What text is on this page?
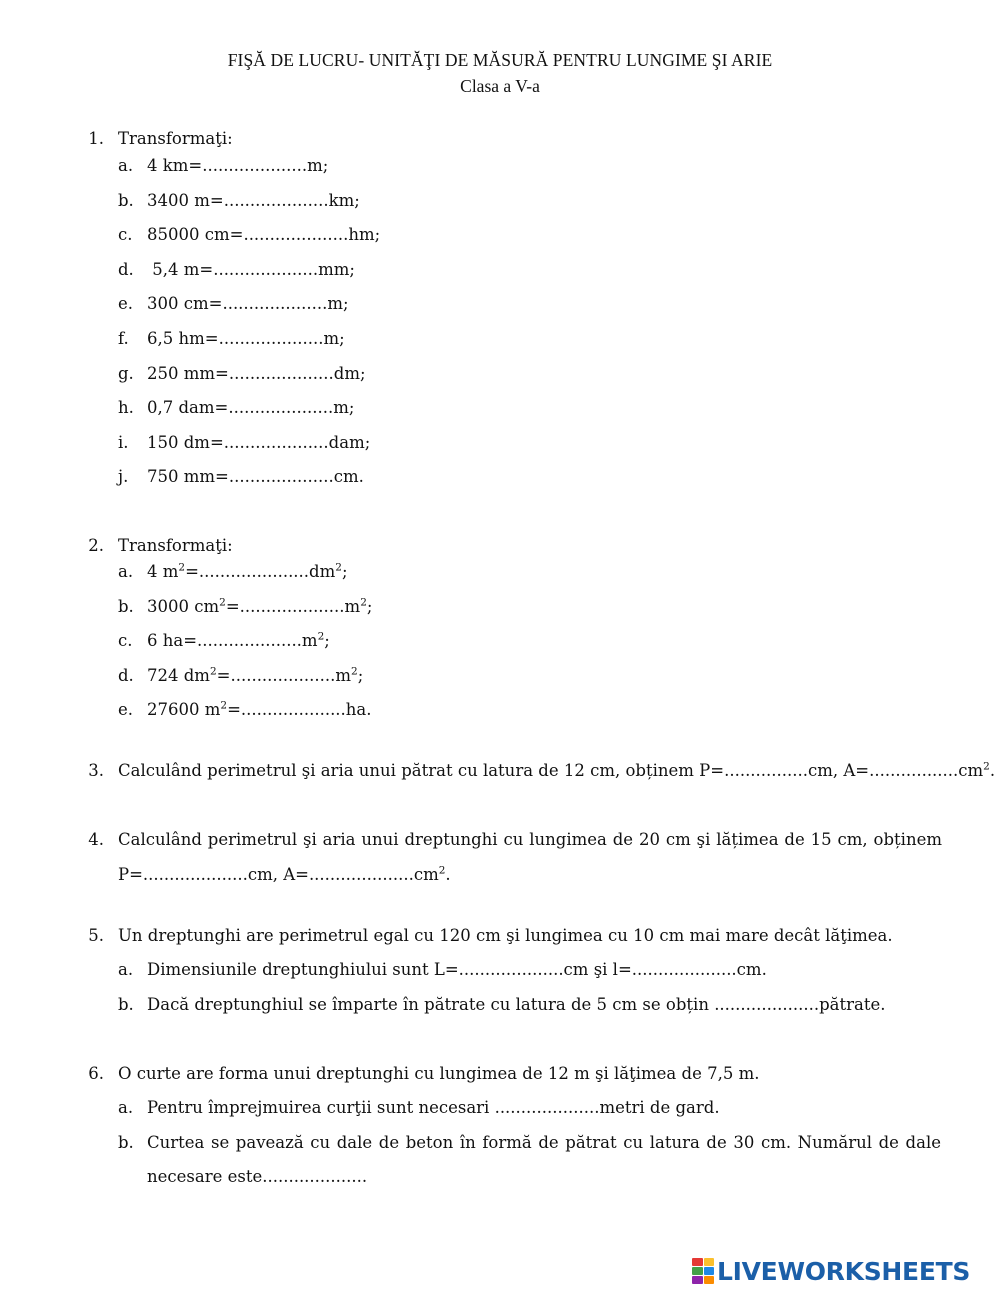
FIŞĂ DE LUCRU- UNITĂŢI DE MĂSURĂ PENTRU LUNGIME ŞI ARIE
Clasa a V-a
1. Transformaţi:
a. 4 km=....................m;
b. 3400 m=....................km;
c. 85000 cm=....................hm;
d. 5,4 m=....................mm;
e. 300 cm=....................m;
f.	6,5 hm=....................m;
g. 250 mm=....................dm;
h. 0,7 dam=....................m;
i.	150 dm=....................dam;
j.	750 mm=....................cm.
2. Transformaţi:
a. 4 $m^2=.....................dm^2$;
b. 3000 $cm^2=....................m^2$;
c. 6 $ha=....................m^2$;
d. 724 $dm^2=....................m^2$;
e. 27600 $m^2=....................ha$.
3. Calculând perimetrul şi aria unui pătrat cu latura de 12 cm, obținem P=................cm, $A=.................cm^2$.
4. Calculând perimetrul şi aria unui dreptunghi cu lungimea de 20 cm şi lățimea de 15 cm, obținem
P=....................cm, $A=....................cm^2$.
5. Un dreptunghi are perimetrul egal cu 120 cm şi lungimea cu 10 cm mai mare decât lăţimea.
a. Dimensiunile dreptunghiului sunt L=....................cm şi l=....................cm.
b. Dacă dreptunghiul se împarte în pătrate cu latura de 5 cm se obțin ....................pătrate.
6. O curte are forma unui dreptunghi cu lungimea de 12 m şi lăţimea de 7,5 m.
a. Pentru împrejmuirea curţii sunt necesari ....................metri de gard.
b. Curtea se pavează cu dale de beton în formă de pătrat cu latura de 30 cm. Numărul de dale
necesare este....................
LIVEWORKSHEETS
